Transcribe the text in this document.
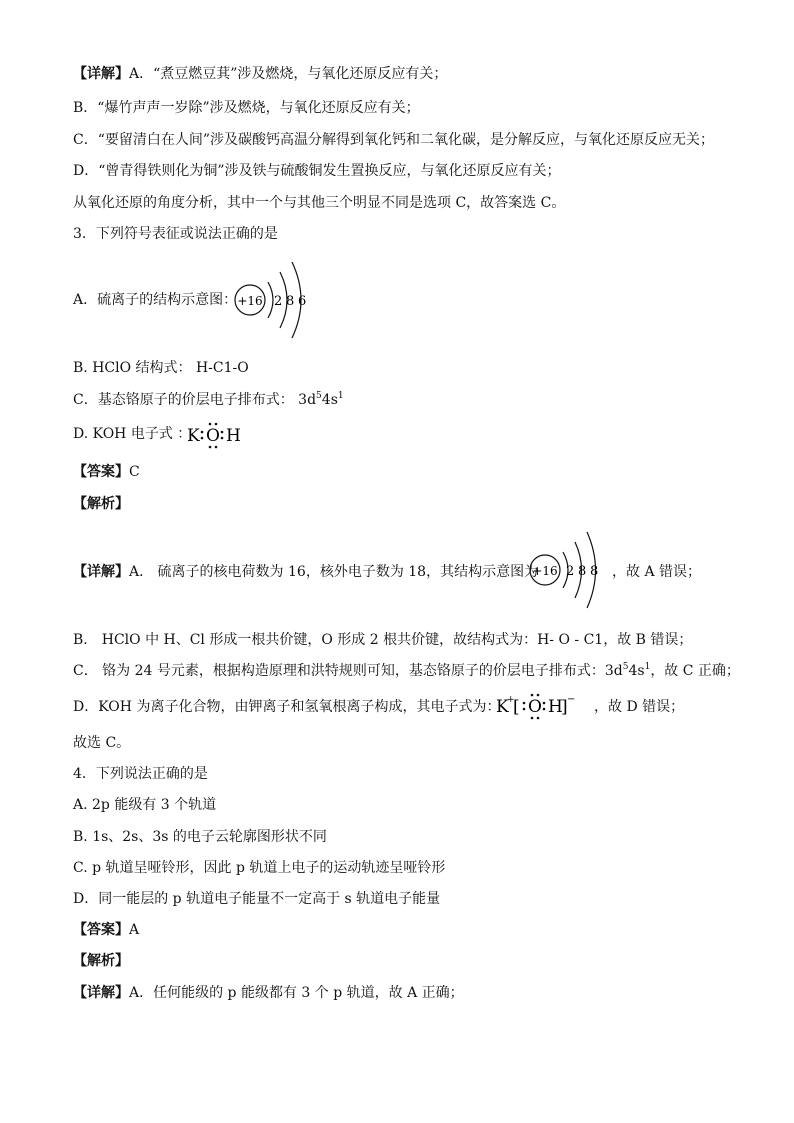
【详解】A．“煮豆燃豆萁”涉及燃烧，与氧化还原反应有关；
B．“爆竹声声一岁除”涉及燃烧，与氧化还原反应有关；
C．“要留清白在人间”涉及碳酸钙高温分解得到氧化钙和二氧化碳，是分解反应，与氧化还原反应无关；
D．“曾青得铁则化为铜”涉及铁与硫酸铜发生置换反应，与氧化还原反应有关；
从氧化还原的角度分析，其中一个与其他三个明显不同是选项 C，故答案选 C。
3．下列符号表征或说法正确的是
A．硫离子的结构示意图： +16 2 8 6
B. HClO 结构式： H-C1-O
C．基态铬原子的价层电子排布式： $3d^54s^1$
D. KOH 电子式 ：
K O H
【答案】C
【解析】
【详解】A． 硫离子的核电荷数为 16，核外电子数为 18，其结构示意图为
+16 2 8 8 ，故 A 错误；
B． HClO 中 H、Cl 形成一根共价键，O 形成 2 根共价键，故结构式为：H- O - C1，故 B 错误；
C． 铬为 24 号元素，根据构造原理和洪特规则可知，基态铬原子的价层电子排布式：$3d^54s^1$，故 C 正确；
D．KOH 为离子化合物，由钾离子和氢氧根离子构成，其电子式为：
K
+
[ O H
] − ，故 D 错误；
故选 C。
4．下列说法正确的是
A. 2p 能级有 3 个轨道
B. 1s、2s、3s 的电子云轮廓图形状不同
C. p 轨道呈哑铃形，因此 p 轨道上电子的运动轨迹呈哑铃形
D．同一能层的 p 轨道电子能量不一定高于 s 轨道电子能量
【答案】A
【解析】
【详解】A．任何能级的 p 能级都有 3 个 p 轨道，故 A 正确；
